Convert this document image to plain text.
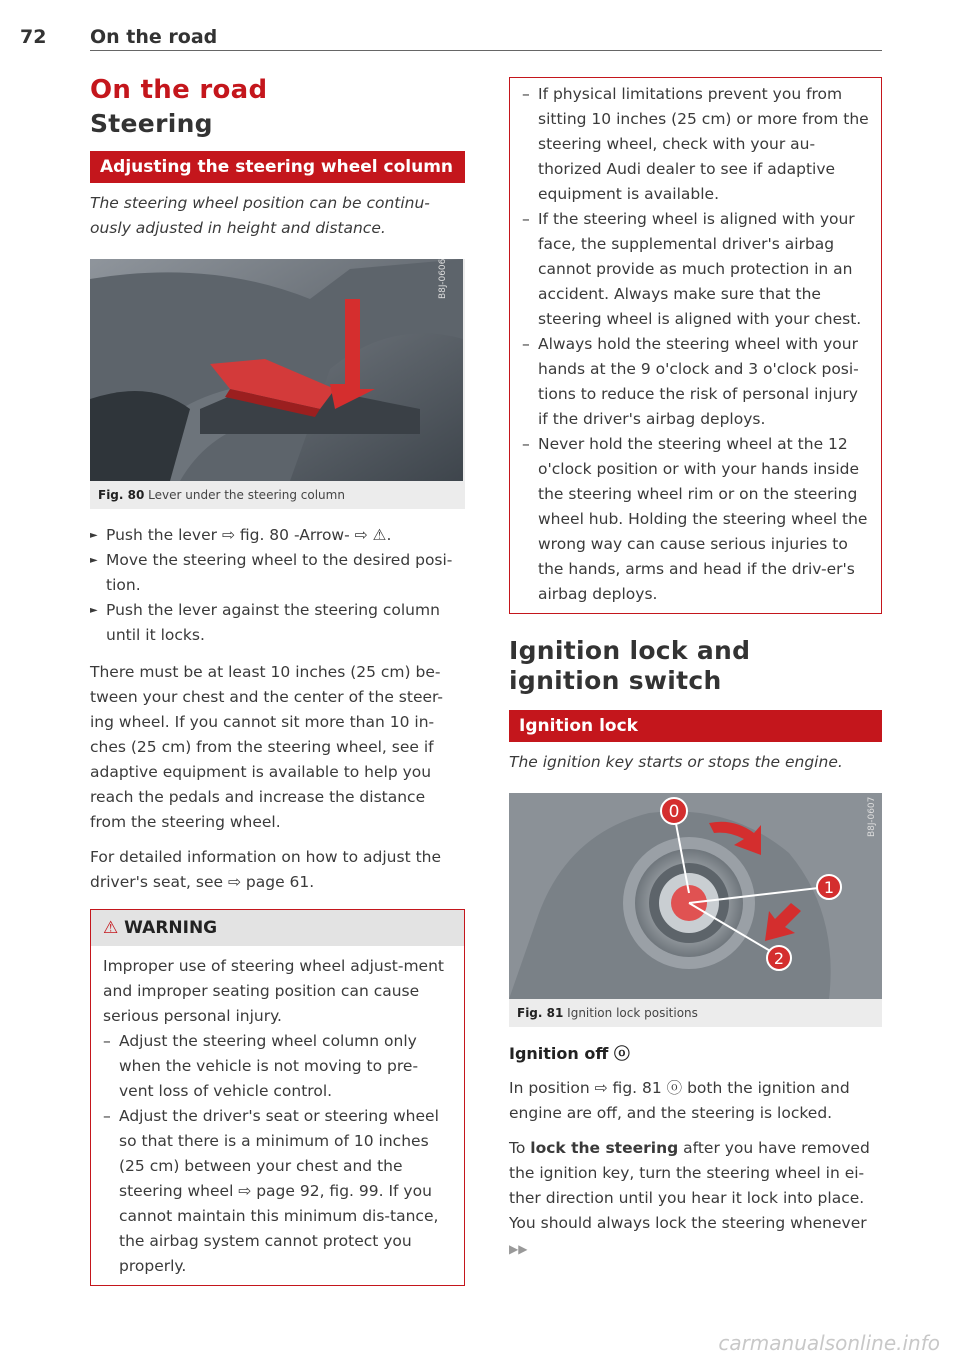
72 On the road
On the road
Steering
Adjusting the steering wheel column

The steering wheel position can be continu-ously adjusted in height and distance.

B8J-0606
Fig. 80 Lever under the steering column
► Push the lever ⇨ fig. 80 -Arrow- ⇨ ⚠.
► Move the steering wheel to the desired posi-tion.
► Push the lever against the steering column until it locks.

There must be at least 10 inches (25 cm) be-tween your chest and the center of the steer-ing wheel. If you cannot sit more than 10 in-ches (25 cm) from the steering wheel, see if adaptive equipment is available to help you reach the pedals and increase the distance from the steering wheel.

For detailed information on how to adjust the driver's seat, see ⇨ page 61.

⚠ WARNING

Improper use of steering wheel adjust-ment and improper seating position can cause serious personal injury.

– Adjust the steering wheel column only when the vehicle is not moving to pre-vent loss of vehicle control.
– Adjust the driver's seat or steering wheel so that there is a minimum of 10 inches (25 cm) between your chest and the steering wheel ⇨ page 92, fig. 99. If you cannot maintain this minimum dis-tance, the airbag system cannot protect you properly.
– If physical limitations prevent you from sitting 10 inches (25 cm) or more from the steering wheel, check with your au-thorized Audi dealer to see if adaptive equipment is available.
– If the steering wheel is aligned with your face, the supplemental driver's airbag cannot provide as much protection in an accident. Always make sure that the steering wheel is aligned with your chest.
– Always hold the steering wheel with your hands at the 9 o'clock and 3 o'clock posi-tions to reduce the risk of personal injury if the driver's airbag deploys.
– Never hold the steering wheel at the 12 o'clock position or with your hands inside the steering wheel rim or on the steering wheel hub. Holding the steering wheel the wrong way can cause serious injuries to the hands, arms and head if the driv-er's airbag deploys.
Ignition lock and ignition switch
Ignition lock

The ignition key starts or stops the engine.

0
1
2
B8J-0607
Fig. 81 Ignition lock positions

Ignition off ⓞ

In position ⇨ fig. 81 ⓞ both the ignition and engine are off, and the steering is locked.

To lock the steering after you have removed the ignition key, turn the steering wheel in ei-ther direction until you hear it lock into place. You should always lock the steering whenever ▶▶

carmanualsonline.info
